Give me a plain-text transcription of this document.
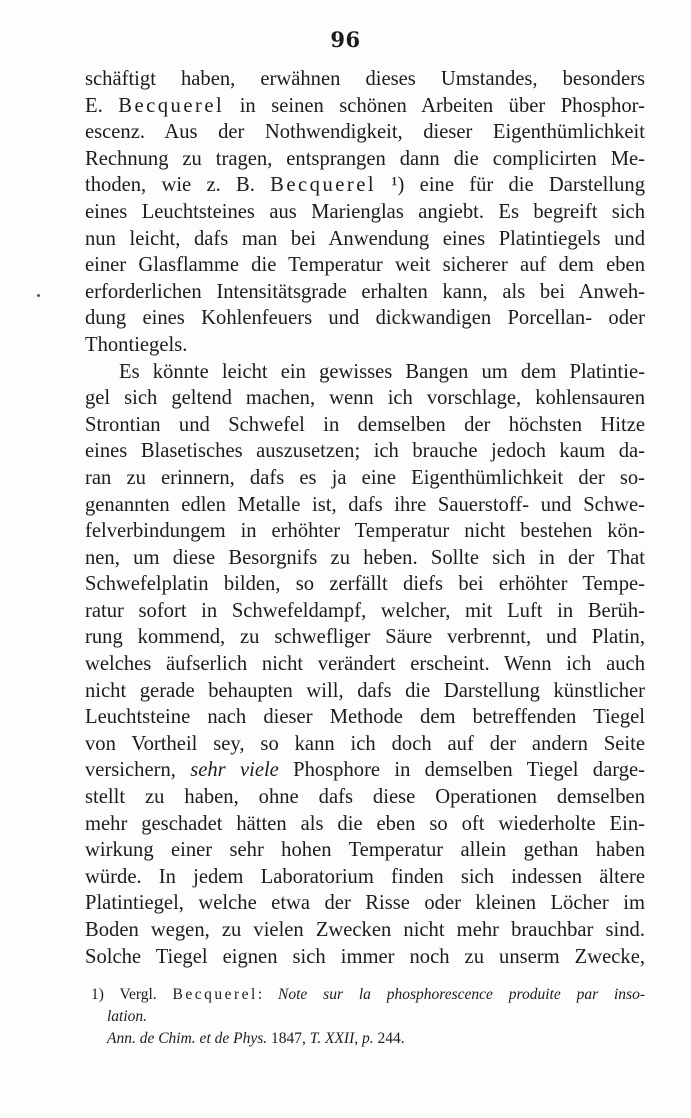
96
schäftigt haben, erwähnen dieses Umstandes, besonders
E. Becquerel in seinen schönen Arbeiten über Phosphor-
escenz. Aus der Nothwendigkeit, dieser Eigenthümlichkeit
Rechnung zu tragen, entsprangen dann die complicirten Me-
thoden, wie z. B. Becquerel ¹) eine für die Darstellung
eines Leuchtsteines aus Marienglas angiebt. Es begreift sich
nun leicht, dafs man bei Anwendung eines Platintiegels und
einer Glasflamme die Temperatur weit sicherer auf dem eben
erforderlichen Intensitätsgrade erhalten kann, als bei Anweh-
dung eines Kohlenfeuers und dickwandigen Porcellan- oder
Thontiegels.
Es könnte leicht ein gewisses Bangen um dem Platintie-
gel sich geltend machen, wenn ich vorschlage, kohlensauren
Strontian und Schwefel in demselben der höchsten Hitze
eines Blasetisches auszusetzen; ich brauche jedoch kaum da-
ran zu erinnern, dafs es ja eine Eigenthümlichkeit der so-
genannten edlen Metalle ist, dafs ihre Sauerstoff- und Schwe-
felverbindungem in erhöhter Temperatur nicht bestehen kön-
nen, um diese Besorgnifs zu heben. Sollte sich in der That
Schwefelplatin bilden, so zerfällt diefs bei erhöhter Tempe-
ratur sofort in Schwefeldampf, welcher, mit Luft in Berüh-
rung kommend, zu schwefliger Säure verbrennt, und Platin,
welches äufserlich nicht verändert erscheint. Wenn ich auch
nicht gerade behaupten will, dafs die Darstellung künstlicher
Leuchtsteine nach dieser Methode dem betreffenden Tiegel
von Vortheil sey, so kann ich doch auf der andern Seite
versichern, sehr viele Phosphore in demselben Tiegel darge-
stellt zu haben, ohne dafs diese Operationen demselben
mehr geschadet hätten als die eben so oft wiederholte Ein-
wirkung einer sehr hohen Temperatur allein gethan haben
würde. In jedem Laboratorium finden sich indessen ältere
Platintiegel, welche etwa der Risse oder kleinen Löcher im
Boden wegen, zu vielen Zwecken nicht mehr brauchbar sind.
Solche Tiegel eignen sich immer noch zu unserm Zwecke,
1) Vergl. Becquerel: Note sur la phosphorescence produite par inso-
lation.
Ann. de Chim. et de Phys. 1847, T. XXII, p. 244.
